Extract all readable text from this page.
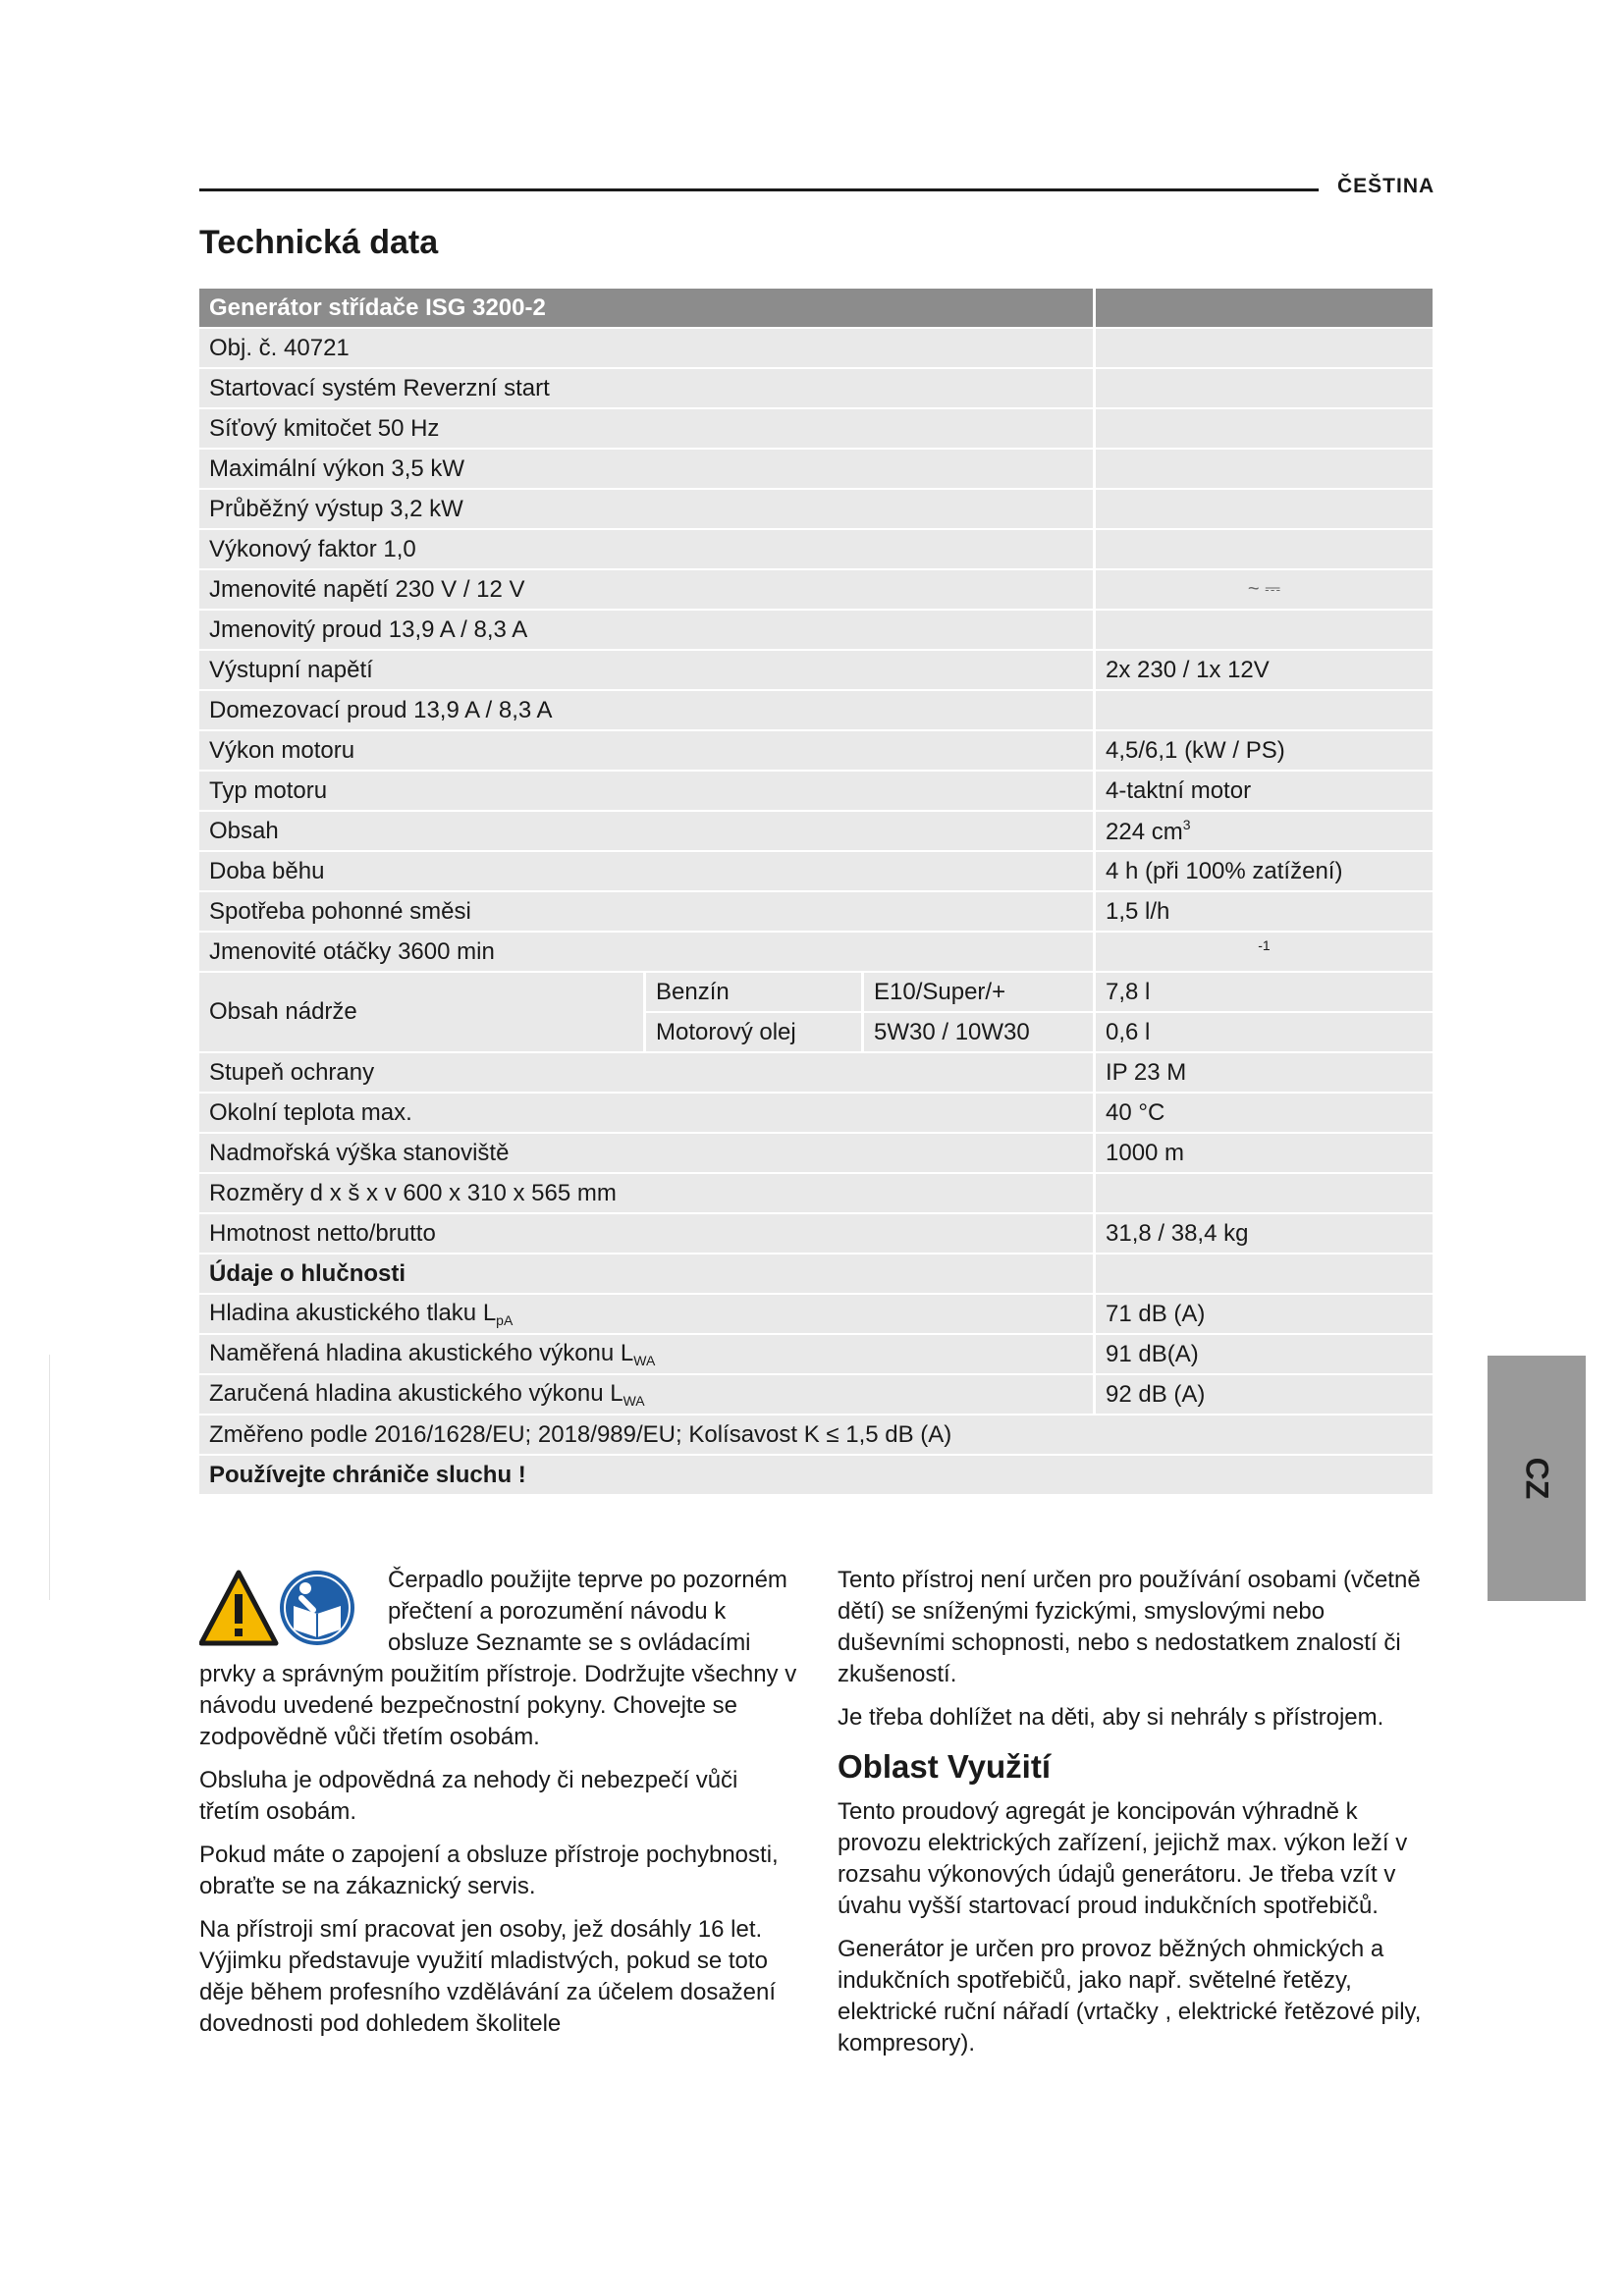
ČEŠTINA
Technická data
Generátor střídače ISG 3200-2			
Obj. č. 40721			
Startovací systém Reverzní start			
Síťový kmitočet 50 Hz			
Maximální výkon 3,5 kW			
Průběžný výstup 3,2 kW			
Výkonový faktor 1,0			
Jmenovité napětí 230 V / 12 V			~ ⎓
Jmenovitý proud 13,9 A / 8,3 A			
Výstupní napětí			2x 230 / 1x 12V
Domezovací proud 13,9 A / 8,3 A			
Výkon motoru			4,5/6,1 (kW / PS)
Typ motoru			4-taktní motor
Obsah			224 $cm^3$
Doba běhu			4 h (při 100% zatížení)
Spotřeba pohonné směsi			1,5 l/h
Jmenovité otáčky 3600 min			$^{-1}$
Obsah nádrže	Benzín	E10/Super/+	7,8 l
	Motorový olej	5W30 / 10W30	0,6 l
Stupeň ochrany			IP 23 M
Okolní teplota max.			40 °C
Nadmořská výška stanoviště			1000 m
Rozměry d x š x v 600 x 310 x 565 mm			
Hmotnost netto/brutto			31,8 / 38,4 kg
Údaje o hlučnosti			
Hladina akustického tlaku $L_{pA}$			71 dB (A)
Naměřená hladina akustického výkonu $L_{WA}$			91 dB(A)
Zaručená hladina akustického výkonu $L_{WA}$			92 dB (A)
Změřeno podle 2016/1628/EU; 2018/989/EU; Kolísavost K ≤ 1,5 dB (A)			
Používejte chrániče sluchu !			

Čerpadlo použijte teprve po pozorném přečtení a porozumění návodu k obsluze Seznamte se s ovládacími prvky a správným použitím přístroje. Dodržujte všechny v návodu uvedené bezpečnostní pokyny. Chovejte se zodpovědně vůči třetím osobám.

Obsluha je odpovědná za nehody či nebezpečí vůči třetím osobám.

Pokud máte o zapojení a obsluze přístroje pochybnosti, obraťte se na zákaznický servis.

Na přístroji smí pracovat jen osoby, jež dosáhly 16 let. Výjimku představuje využití mladistvých, pokud se toto děje během profesního vzdělávání za účelem dosažení dovednosti pod dohledem školitele

Tento přístroj není určen pro používání osobami (včetně dětí) se sníženými fyzickými, smyslovými nebo duševními schopnosti, nebo s nedostatkem znalostí či zkušeností.

Je třeba dohlížet na děti, aby si nehrály s přístrojem.

Oblast Využití

Tento proudový agregát je koncipován výhradně k provozu elektrických zařízení, jejichž max. výkon leží v rozsahu výkonových údajů generátoru. Je třeba vzít v úvahu vyšší startovací proud indukčních spotřebičů.

Generátor je určen pro provoz běžných ohmických a indukčních spotřebičů, jako např. světelné řetězy, elektrické ruční nářadí (vrtačky , elektrické řetězové pily, kompresory).

CZ
